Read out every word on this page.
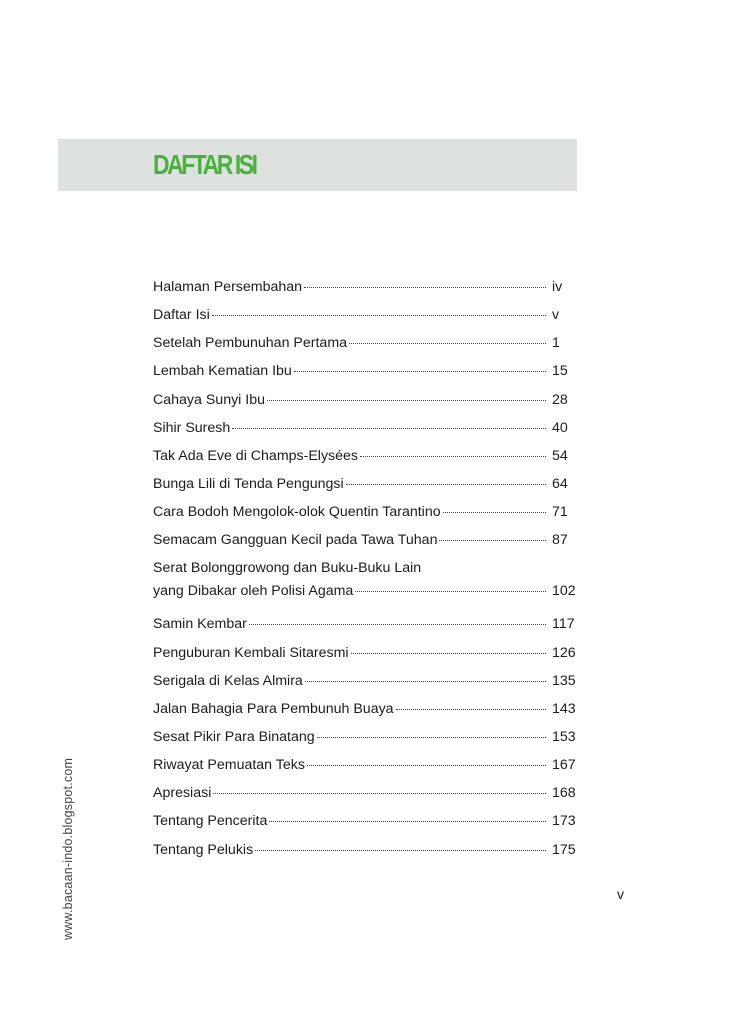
DAFTAR ISI
Halaman Persembahan	iv
Daftar Isi	v
Setelah Pembunuhan Pertama	1
Lembah Kematian Ibu	15
Cahaya Sunyi Ibu	28
Sihir Suresh	40
Tak Ada Eve di Champs-Elysées	54
Bunga Lili di Tenda Pengungsi	64
Cara Bodoh Mengolok-olok Quentin Tarantino	71
Semacam Gangguan Kecil pada Tawa Tuhan	87
Serat Bolonggrowong dan Buku-Buku Lain
yang Dibakar oleh Polisi Agama	102
Samin Kembar	117
Penguburan Kembali Sitaresmi	126
Serigala di Kelas Almira	135
Jalan Bahagia Para Pembunuh Buaya	143
Sesat Pikir Para Binatang	153
Riwayat Pemuatan Teks	167
Apresiasi	168
Tentang Pencerita	173
Tentang Pelukis	175
www.bacaan-indo.blogspot.com	v
